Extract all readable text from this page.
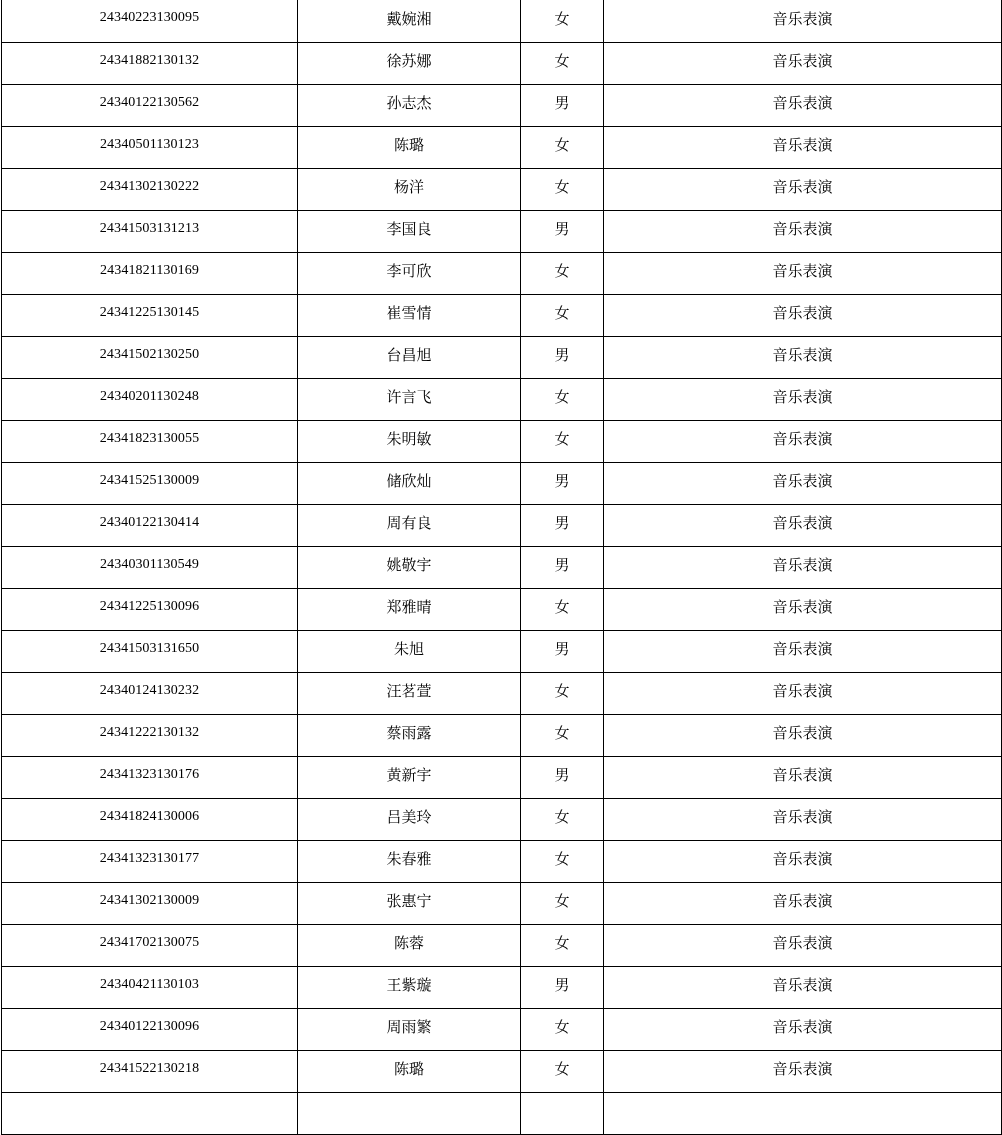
24340223130095	戴婉湘	女	音乐表演
24341882130132	徐苏娜	女	音乐表演
24340122130562	孙志杰	男	音乐表演
24340501130123	陈璐	女	音乐表演
24341302130222	杨洋	女	音乐表演
24341503131213	李国良	男	音乐表演
24341821130169	李可欣	女	音乐表演
24341225130145	崔雪情	女	音乐表演
24341502130250	台昌旭	男	音乐表演
24340201130248	许言飞	女	音乐表演
24341823130055	朱明敏	女	音乐表演
24341525130009	储欣灿	男	音乐表演
24340122130414	周有良	男	音乐表演
24340301130549	姚敬宇	男	音乐表演
24341225130096	郑雅晴	女	音乐表演
24341503131650	朱旭	男	音乐表演
24340124130232	汪茗萱	女	音乐表演
24341222130132	蔡雨露	女	音乐表演
24341323130176	黄新宇	男	音乐表演
24341824130006	吕美玲	女	音乐表演
24341323130177	朱春雅	女	音乐表演
24341302130009	张惠宁	女	音乐表演
24341702130075	陈蓉	女	音乐表演
24340421130103	王紫璇	男	音乐表演
24340122130096	周雨繁	女	音乐表演
24341522130218	陈璐	女	音乐表演
